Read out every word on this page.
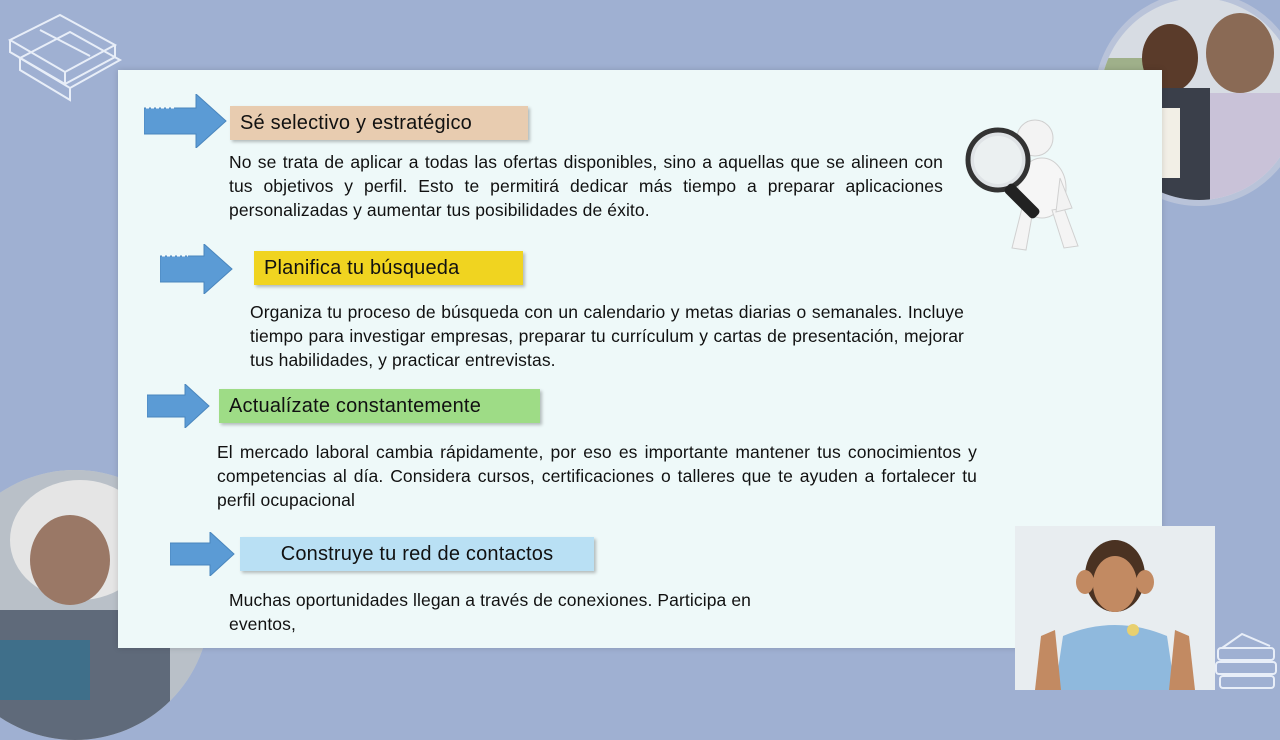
Sé selectivo y estratégico
No se trata de aplicar a todas las ofertas disponibles, sino a aquellas que se alineen con tus objetivos y perfil. Esto te permitirá dedicar más tiempo a preparar aplicaciones personalizadas y aumentar tus posibilidades de éxito.
Planifica tu búsqueda
Organiza tu proceso de búsqueda con un calendario y metas diarias o semanales. Incluye tiempo para investigar empresas, preparar tu currículum y cartas de presentación, mejorar tus habilidades, y practicar entrevistas.
Actualízate constantemente
El mercado laboral cambia rápidamente, por eso es importante mantener tus conocimientos y competencias al día. Considera cursos, certificaciones o talleres que te ayuden a fortalecer tu perfil ocupacional
Construye tu red de contactos
Muchas oportunidades llegan a través de conexiones. Participa en
eventos,
